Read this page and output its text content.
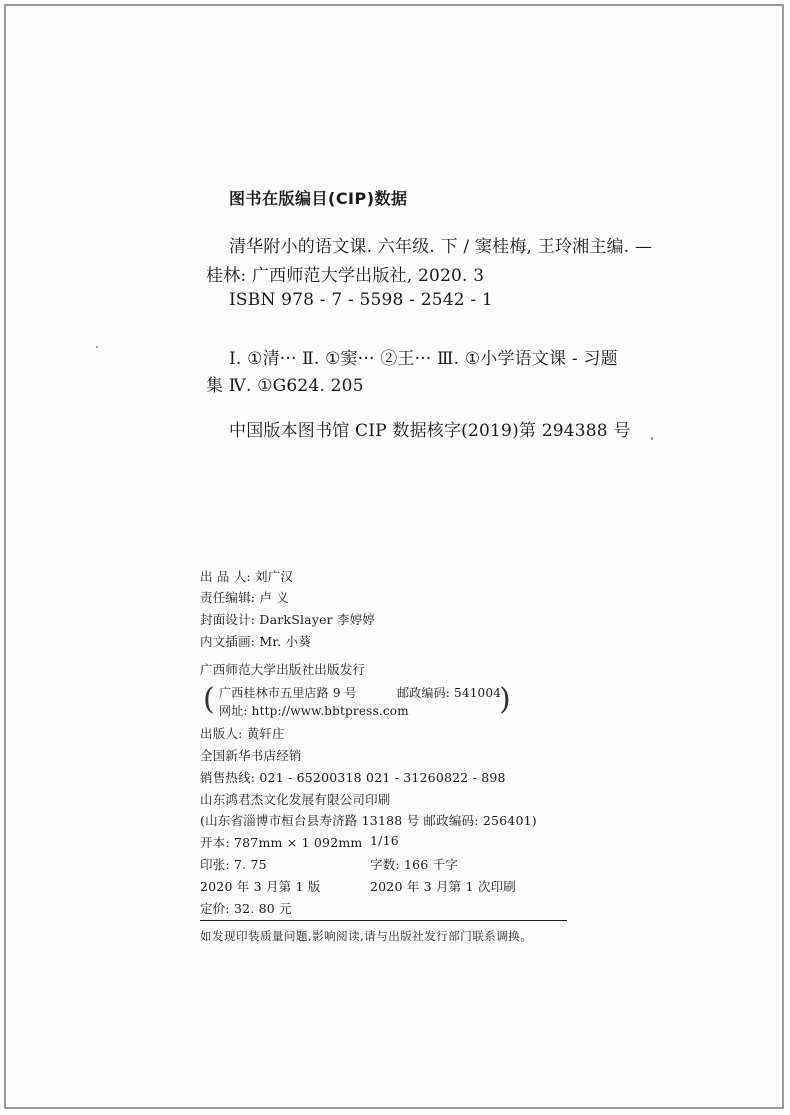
图书在版编目(CIP)数据
清华附小的语文课. 六年级. 下 / 窦桂梅, 王玲湘主编. —
桂林: 广西师范大学出版社, 2020. 3
ISBN 978 - 7 - 5598 - 2542 - 1
Ⅰ. ①清··· Ⅱ. ①窦··· ②王··· Ⅲ. ①小学语文课 - 习题
集 Ⅳ. ①G624. 205
中国版本图书馆 CIP 数据核字(2019)第 294388 号
出 品 人: 刘广汉
责任编辑: 卢 义
封面设计: DarkSlayer 李婷婷
内文插画: Mr. 小葵
广西师范大学出版社出版发行
( 广西桂林市五里店路 9 号	邮政编码: 541004
网址: http://www.bbtpress.com	)
出版人: 黄轩庄
全国新华书店经销
销售热线: 021 - 65200318 021 - 31260822 - 898
山东鸿君杰文化发展有限公司印刷
(山东省淄博市桓台县寿济路 13188 号 邮政编码: 256401)
开本: 787mm × 1 092mm 1/16
印张: 7. 75	字数: 166 千字
2020 年 3 月第 1 版	2020 年 3 月第 1 次印刷
定价: 32. 80 元
如发现印装质量问题,影响阅读,请与出版社发行部门联系调换。
